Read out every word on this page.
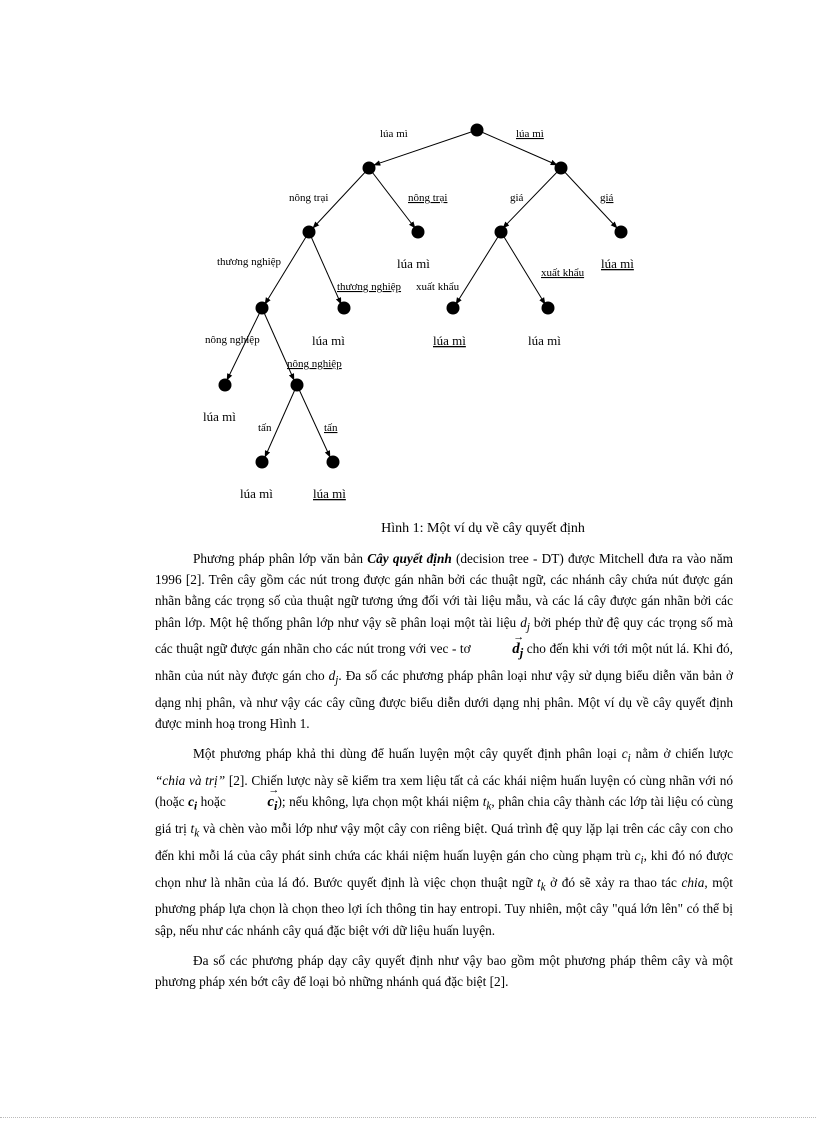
lúa mì	lúa mì
nông trại	nông trại	giá	giá
thương nghiệp
thương nghiệp xuất khẩu
xuất khẩu
nông nghiệp
nông nghiệp
tấn	tấn
lúa mì	lúa mì
lúa mì	lúa mì	lúa mì
lúa mì
lúa mì	lúa mì
Hình 1: Một ví dụ về cây quyết định

Phương pháp phân lớp văn bản Cây quyết định (decision tree - DT) được Mitchell đưa ra vào năm 1996 [2]. Trên cây gồm các nút trong được gán nhãn bởi các thuật ngữ, các nhánh cây chứa nút được gán nhãn bằng các trọng số của thuật ngữ tương ứng đối với tài liệu mẫu, và các lá cây được gán nhãn bởi các phân lớp. Một hệ thống phân lớp như vậy sẽ phân loại một tài liệu $d_j$ bởi phép thử đệ quy các trọng số mà các thuật ngữ được gán nhãn cho các nút trong với vec - tơ	→ $d_j$ cho đến khi với tới một nút lá. Khi đó, nhãn của nút này được gán cho $d_j$. Đa số các phương pháp phân loại như vậy sử dụng biểu diễn văn bản ở dạng nhị phân, và như vậy các cây cũng được biểu diễn dưới dạng nhị phân. Một ví dụ về cây quyết định được minh hoạ trong Hình 1.

Một phương pháp khả thi dùng để huấn luyện một cây quyết định phân loại $c_i$ nằm ở chiến lược “chia và trị” [2]. Chiến lược này sẽ kiểm tra xem liệu tất cả các khái niệm huấn luyện có cùng nhãn với nó (hoặc $c_i$ hoặc	→ $c_i$); nếu không, lựa chọn một khái niệm $t_k$, phân chia cây thành các lớp tài liệu có cùng giá trị $t_k$ và chèn vào mỗi lớp như vậy một cây con riêng biệt. Quá trình đệ quy lặp lại trên các cây con cho đến khi mỗi lá của cây phát sinh chứa các khái niệm huấn luyện gán cho cùng phạm trù $c_i$, khi đó nó được chọn như là nhãn của lá đó. Bước quyết định là việc chọn thuật ngữ $t_k$ ở đó sẽ xảy ra thao tác chia, một phương pháp lựa chọn là chọn theo lợi ích thông tin hay entropi. Tuy nhiên, một cây "quá lớn lên" có thể bị sập, nếu như các nhánh cây quá đặc biệt với dữ liệu huấn luyện.

Đa số các phương pháp dạy cây quyết định như vậy bao gồm một phương pháp thêm cây và một phương pháp xén bớt cây để loại bỏ những nhánh quá đặc biệt [2].
